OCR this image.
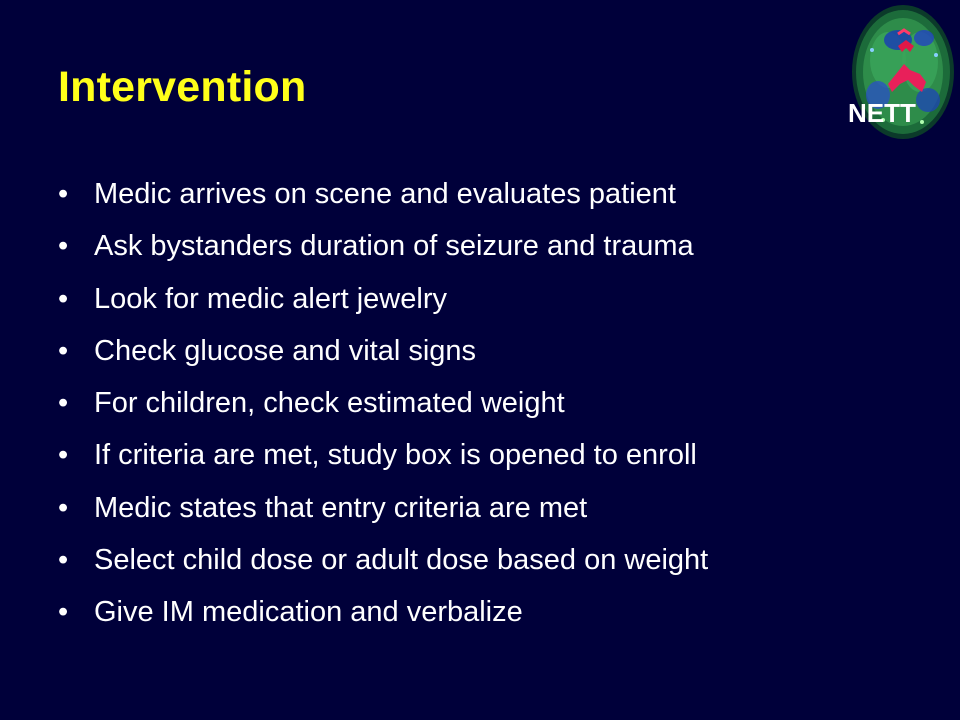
NETT
Intervention
• Medic arrives on scene and evaluates patient
• Ask bystanders duration of seizure and trauma
• Look for medic alert jewelry
• Check glucose and vital signs
• For children, check estimated weight
• If criteria are met, study box is opened to enroll
• Medic states that entry criteria are met
• Select child dose or adult dose based on weight
• Give IM medication and verbalize
